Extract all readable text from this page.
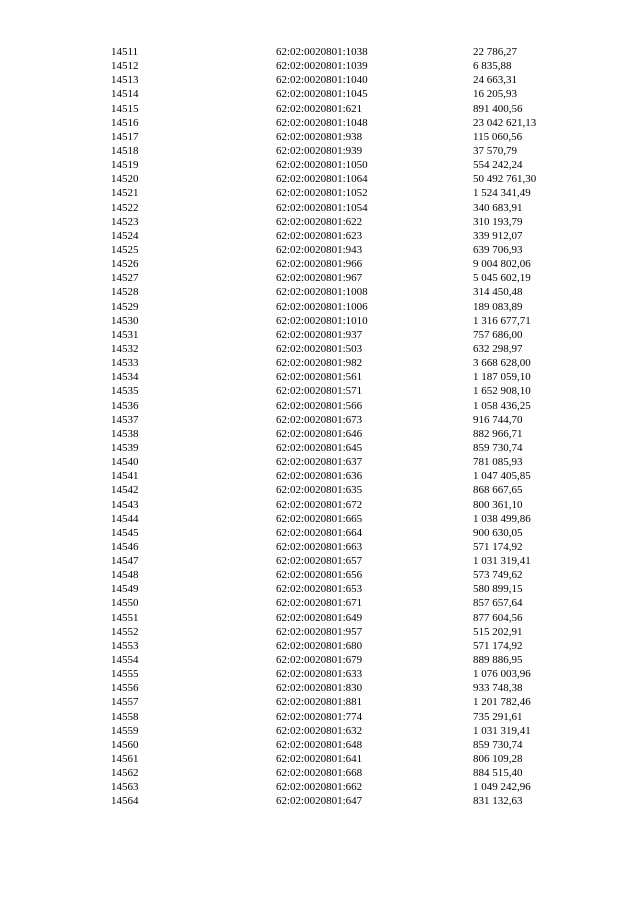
14511	62:02:0020801:1038	22 786,27
14512	62:02:0020801:1039	6 835,88
14513	62:02:0020801:1040	24 663,31
14514	62:02:0020801:1045	16 205,93
14515	62:02:0020801:621	891 400,56
14516	62:02:0020801:1048	23 042 621,13
14517	62:02:0020801:938	115 060,56
14518	62:02:0020801:939	37 570,79
14519	62:02:0020801:1050	554 242,24
14520	62:02:0020801:1064	50 492 761,30
14521	62:02:0020801:1052	1 524 341,49
14522	62:02:0020801:1054	340 683,91
14523	62:02:0020801:622	310 193,79
14524	62:02:0020801:623	339 912,07
14525	62:02:0020801:943	639 706,93
14526	62:02:0020801:966	9 004 802,06
14527	62:02:0020801:967	5 045 602,19
14528	62:02:0020801:1008	314 450,48
14529	62:02:0020801:1006	189 083,89
14530	62:02:0020801:1010	1 316 677,71
14531	62:02:0020801:937	757 686,00
14532	62:02:0020801:503	632 298,97
14533	62:02:0020801:982	3 668 628,00
14534	62:02:0020801:561	1 187 059,10
14535	62:02:0020801:571	1 652 908,10
14536	62:02:0020801:566	1 058 436,25
14537	62:02:0020801:673	916 744,70
14538	62:02:0020801:646	882 966,71
14539	62:02:0020801:645	859 730,74
14540	62:02:0020801:637	781 085,93
14541	62:02:0020801:636	1 047 405,85
14542	62:02:0020801:635	868 667,65
14543	62:02:0020801:672	800 361,10
14544	62:02:0020801:665	1 038 499,86
14545	62:02:0020801:664	900 630,05
14546	62:02:0020801:663	571 174,92
14547	62:02:0020801:657	1 031 319,41
14548	62:02:0020801:656	573 749,62
14549	62:02:0020801:653	580 899,15
14550	62:02:0020801:671	857 657,64
14551	62:02:0020801:649	877 604,56
14552	62:02:0020801:957	515 202,91
14553	62:02:0020801:680	571 174,92
14554	62:02:0020801:679	889 886,95
14555	62:02:0020801:633	1 076 003,96
14556	62:02:0020801:830	933 748,38
14557	62:02:0020801:881	1 201 782,46
14558	62:02:0020801:774	735 291,61
14559	62:02:0020801:632	1 031 319,41
14560	62:02:0020801:648	859 730,74
14561	62:02:0020801:641	806 109,28
14562	62:02:0020801:668	884 515,40
14563	62:02:0020801:662	1 049 242,96
14564	62:02:0020801:647	831 132,63
